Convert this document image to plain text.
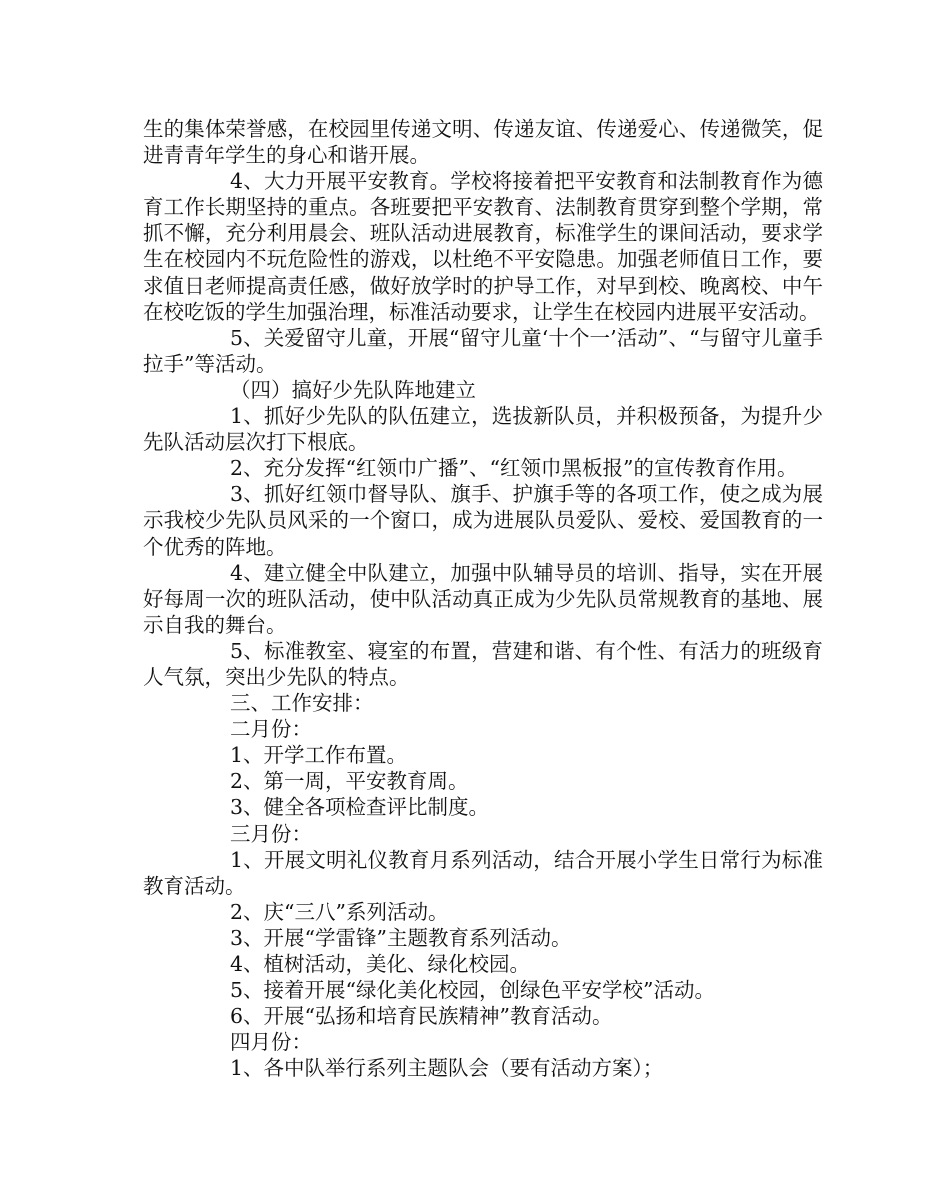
生的集体荣誉感，在校园里传递文明、传递友谊、传递爱心、传递微笑，促进青青年学生的身心和谐开展。

4、大力开展平安教育。学校将接着把平安教育和法制教育作为德育工作长期坚持的重点。各班要把平安教育、法制教育贯穿到整个学期，常抓不懈，充分利用晨会、班队活动进展教育，标准学生的课间活动，要求学生在校园内不玩危险性的游戏，以杜绝不平安隐患。加强老师值日工作，要求值日老师提高责任感，做好放学时的护导工作，对早到校、晚离校、中午在校吃饭的学生加强治理，标准活动要求，让学生在校园内进展平安活动。

5、关爱留守儿童，开展“留守儿童‘十个一’活动”、“与留守儿童手拉手”等活动。

（四）搞好少先队阵地建立

1、抓好少先队的队伍建立，选拔新队员，并积极预备，为提升少先队活动层次打下根底。

2、充分发挥“红领巾广播”、“红领巾黑板报”的宣传教育作用。

3、抓好红领巾督导队、旗手、护旗手等的各项工作，使之成为展示我校少先队员风采的一个窗口，成为进展队员爱队、爱校、爱国教育的一个优秀的阵地。

4、建立健全中队建立，加强中队辅导员的培训、指导，实在开展好每周一次的班队活动，使中队活动真正成为少先队员常规教育的基地、展示自我的舞台。

5、标准教室、寝室的布置，营建和谐、有个性、有活力的班级育人气氛，突出少先队的特点。

三、工作安排：

二月份：

1、开学工作布置。

2、第一周，平安教育周。

3、健全各项检查评比制度。

三月份：

1、开展文明礼仪教育月系列活动，结合开展小学生日常行为标准教育活动。

2、庆“三八”系列活动。

3、开展“学雷锋”主题教育系列活动。

4、植树活动，美化、绿化校园。

5、接着开展“绿化美化校园，创绿色平安学校”活动。

6、开展“弘扬和培育民族精神”教育活动。

四月份：

1、各中队举行系列主题队会（要有活动方案）；
